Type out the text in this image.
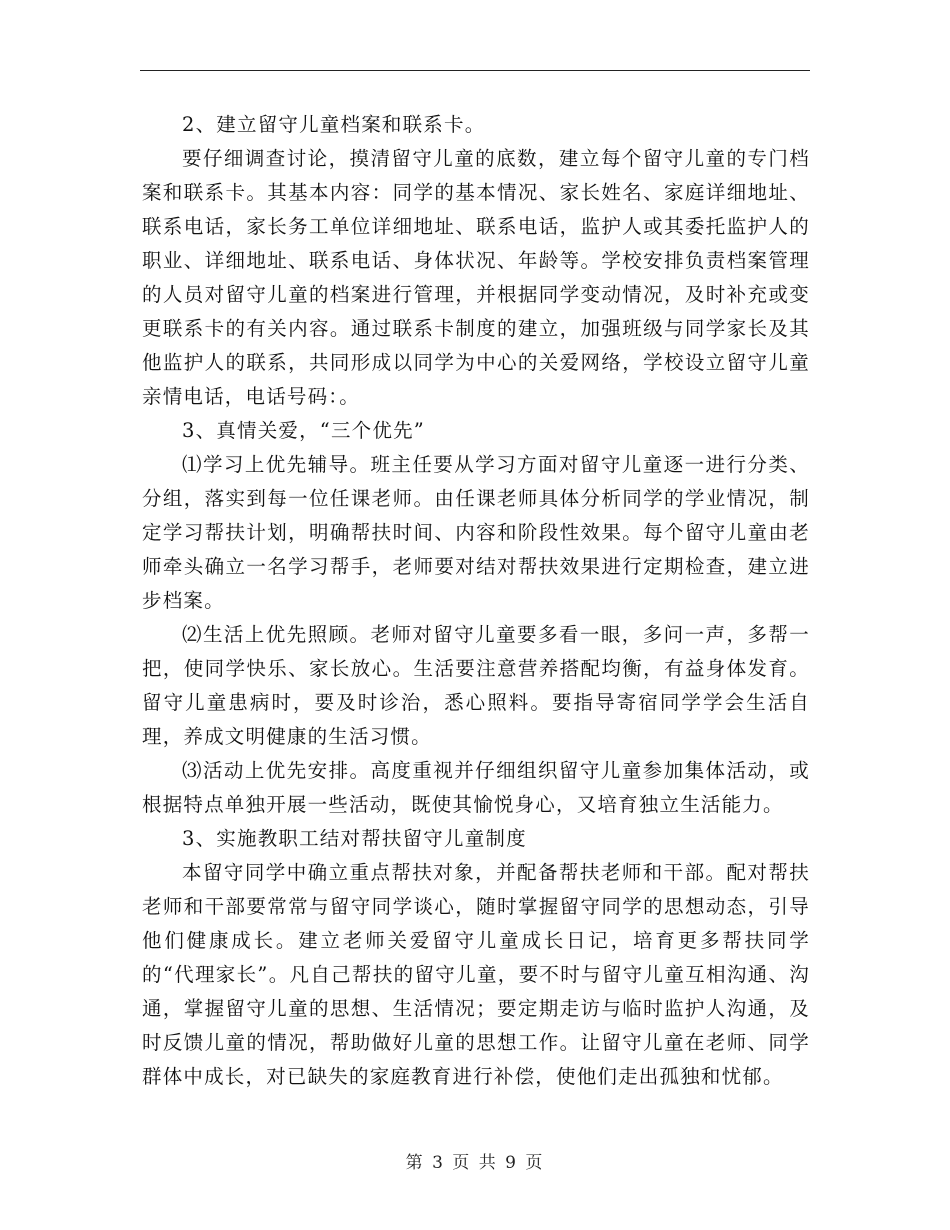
2、建立留守儿童档案和联系卡。

要仔细调查讨论，摸清留守儿童的底数，建立每个留守儿童的专门档案和联系卡。其基本内容：同学的基本情况、家长姓名、家庭详细地址、联系电话，家长务工单位详细地址、联系电话，监护人或其委托监护人的职业、详细地址、联系电话、身体状况、年龄等。学校安排负责档案管理的人员对留守儿童的档案进行管理，并根据同学变动情况，及时补充或变更联系卡的有关内容。通过联系卡制度的建立，加强班级与同学家长及其他监护人的联系，共同形成以同学为中心的关爱网络，学校设立留守儿童亲情电话，电话号码：。

3、真情关爱，“三个优先”

⑴学习上优先辅导。班主任要从学习方面对留守儿童逐一进行分类、分组，落实到每一位任课老师。由任课老师具体分析同学的学业情况，制定学习帮扶计划，明确帮扶时间、内容和阶段性效果。每个留守儿童由老师牵头确立一名学习帮手，老师要对结对帮扶效果进行定期检查，建立进步档案。

⑵生活上优先照顾。老师对留守儿童要多看一眼，多问一声，多帮一把，使同学快乐、家长放心。生活要注意营养搭配均衡，有益身体发育。留守儿童患病时，要及时诊治，悉心照料。要指导寄宿同学学会生活自理，养成文明健康的生活习惯。

⑶活动上优先安排。高度重视并仔细组织留守儿童参加集体活动，或根据特点单独开展一些活动，既使其愉悦身心，又培育独立生活能力。

3、实施教职工结对帮扶留守儿童制度

本留守同学中确立重点帮扶对象，并配备帮扶老师和干部。配对帮扶老师和干部要常常与留守同学谈心，随时掌握留守同学的思想动态，引导他们健康成长。建立老师关爱留守儿童成长日记，培育更多帮扶同学的“代理家长”。凡自己帮扶的留守儿童，要不时与留守儿童互相沟通、沟通，掌握留守儿童的思想、生活情况；要定期走访与临时监护人沟通，及时反馈儿童的情况，帮助做好儿童的思想工作。让留守儿童在老师、同学群体中成长，对已缺失的家庭教育进行补偿，使他们走出孤独和忧郁。

第 3 页 共 9 页
